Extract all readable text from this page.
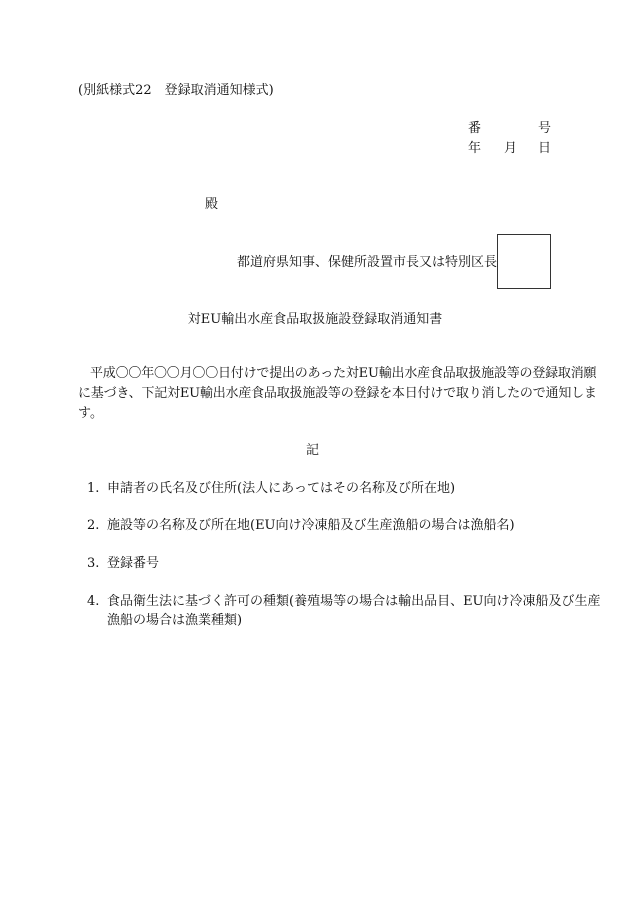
(別紙様式22　登録取消通知様式)
番	号
年 月 日
殿
都道府県知事、保健所設置市長又は特別区長
対EU輸出水産食品取扱施設登録取消通知書
平成〇〇年〇〇月〇〇日付けで提出のあった対EU輸出水産食品取扱施設等の登録取消願
に基づき、下記対EU輸出水産食品取扱施設等の登録を本日付けで取り消したので通知しま
す。
記
1. 申請者の氏名及び住所(法人にあってはその名称及び所在地)
2. 施設等の名称及び所在地(EU向け冷凍船及び生産漁船の場合は漁船名)
3. 登録番号
4. 食品衛生法に基づく許可の種類(養殖場等の場合は輸出品目、EU向け冷凍船及び生産
漁船の場合は漁業種類)
